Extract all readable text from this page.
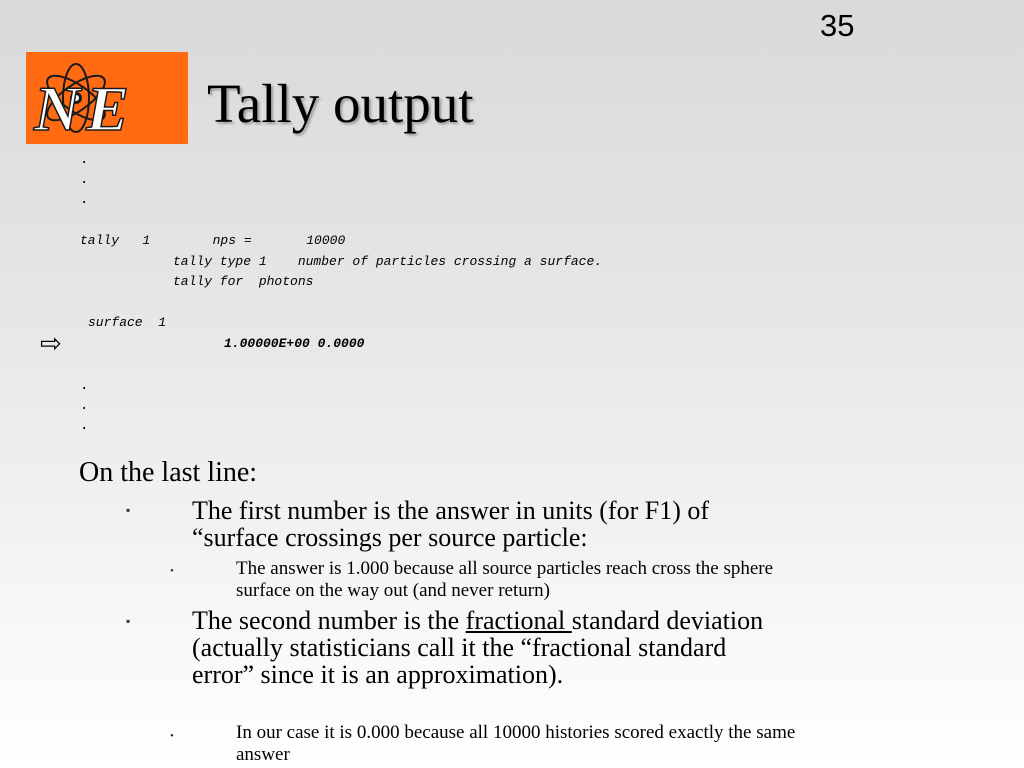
35
NE Tally output
.
.
.
tally   1        nps =       10000
tally type 1    number of particles crossing a surface.
tally for  photons
surface  1
⇨	1.00000E+00 0.0000
.
.
.
On the last line:
▪ The first number is the answer in units (for F1) of “surface crossings per source particle:
•	The answer is 1.000 because all source particles reach cross the sphere surface on the way out (and never return)
▪ The second number is the fractional standard deviation (actually statisticians call it the “fractional standard error” since it is an approximation).
•	In our case it is 0.000 because all 10000 histories scored exactly the same answer
